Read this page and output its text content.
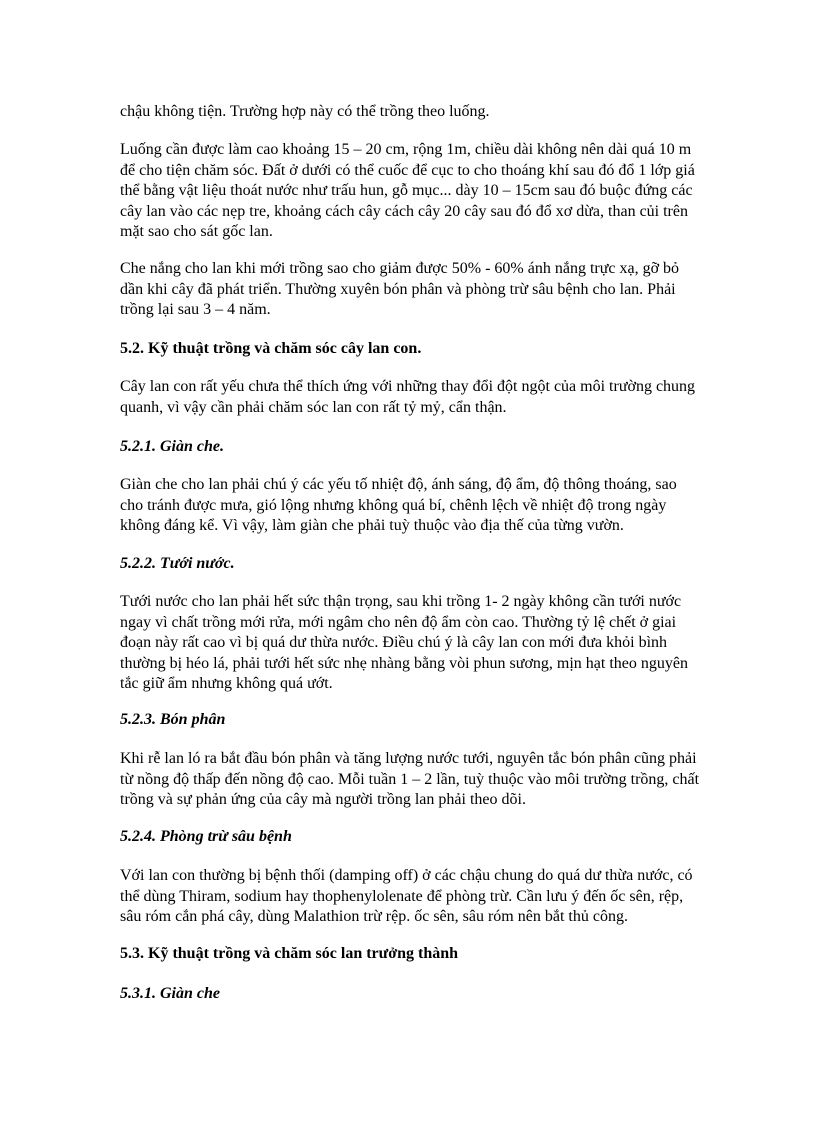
chậu không tiện. Trường hợp này có thể trồng theo luống.

Luống cần được làm cao khoảng 15 – 20 cm, rộng 1m, chiều dài không nên dài quá 10 m để cho tiện chăm sóc. Đất ở dưới có thể cuốc để cục to cho thoáng khí sau đó đổ 1 lớp giá thể bằng vật liệu thoát nước như trấu hun, gỗ mục... dày 10 – 15cm sau đó buộc đứng các cây lan vào các nẹp tre, khoảng cách cây cách cây 20 cây sau đó đổ xơ dừa, than củi trên mặt sao cho sát gốc lan.

Che nắng cho lan khi mới trồng sao cho giảm được 50% - 60% ánh nắng trực xạ, gỡ bỏ dần khi cây đã phát triển. Thường xuyên bón phân và phòng trừ sâu bệnh cho lan. Phải trồng lại sau 3 – 4 năm.

5.2. Kỹ thuật trồng và chăm sóc cây lan con.

Cây lan con rất yếu chưa thể thích ứng với những thay đổi đột ngột của môi trường chung quanh, vì vậy cần phải chăm sóc lan con rất tỷ mỷ, cẩn thận.

5.2.1. Giàn che.

Giàn che cho lan phải chú ý các yếu tố nhiệt độ, ánh sáng, độ ẩm, độ thông thoáng, sao cho tránh được mưa, gió lộng nhưng không quá bí, chênh lệch về nhiệt độ trong ngày không đáng kể. Vì vậy, làm giàn che phải tuỳ thuộc vào địa thế của từng vườn.

5.2.2. Tưới nước.

Tưới nước cho lan phải hết sức thận trọng, sau khi trồng 1- 2 ngày không cần tưới nước ngay vì chất trồng mới rửa, mới ngâm cho nên độ ẩm còn cao. Thường tỷ lệ chết ở giai đoạn này rất cao vì bị quá dư thừa nước. Điều chú ý là cây lan con mới đưa khỏi bình thường bị héo lá, phải tưới hết sức nhẹ nhàng bằng vòi phun sương, mịn hạt theo nguyên tắc giữ ẩm nhưng không quá ướt.

5.2.3. Bón phân

Khi rễ lan ló ra bắt đầu bón phân và tăng lượng nước tưới, nguyên tắc bón phân cũng phải từ nồng độ thấp đến nồng độ cao. Mỗi tuần 1 – 2 lần, tuỳ thuộc vào môi trường trồng, chất trồng và sự phản ứng của cây mà người trồng lan phải theo dõi.

5.2.4. Phòng trừ sâu bệnh

Với lan con thường bị bệnh thối (damping off) ở các chậu chung do quá dư thừa nước, có thể dùng Thiram, sodium hay thophenylolenate để phòng trừ. Cần lưu ý đến ốc sên, rệp, sâu róm cắn phá cây, dùng Malathion trừ rệp. ốc sên, sâu róm nên bắt thủ công.

5.3. Kỹ thuật trồng và chăm sóc lan trưởng thành
5.3.1. Giàn che
